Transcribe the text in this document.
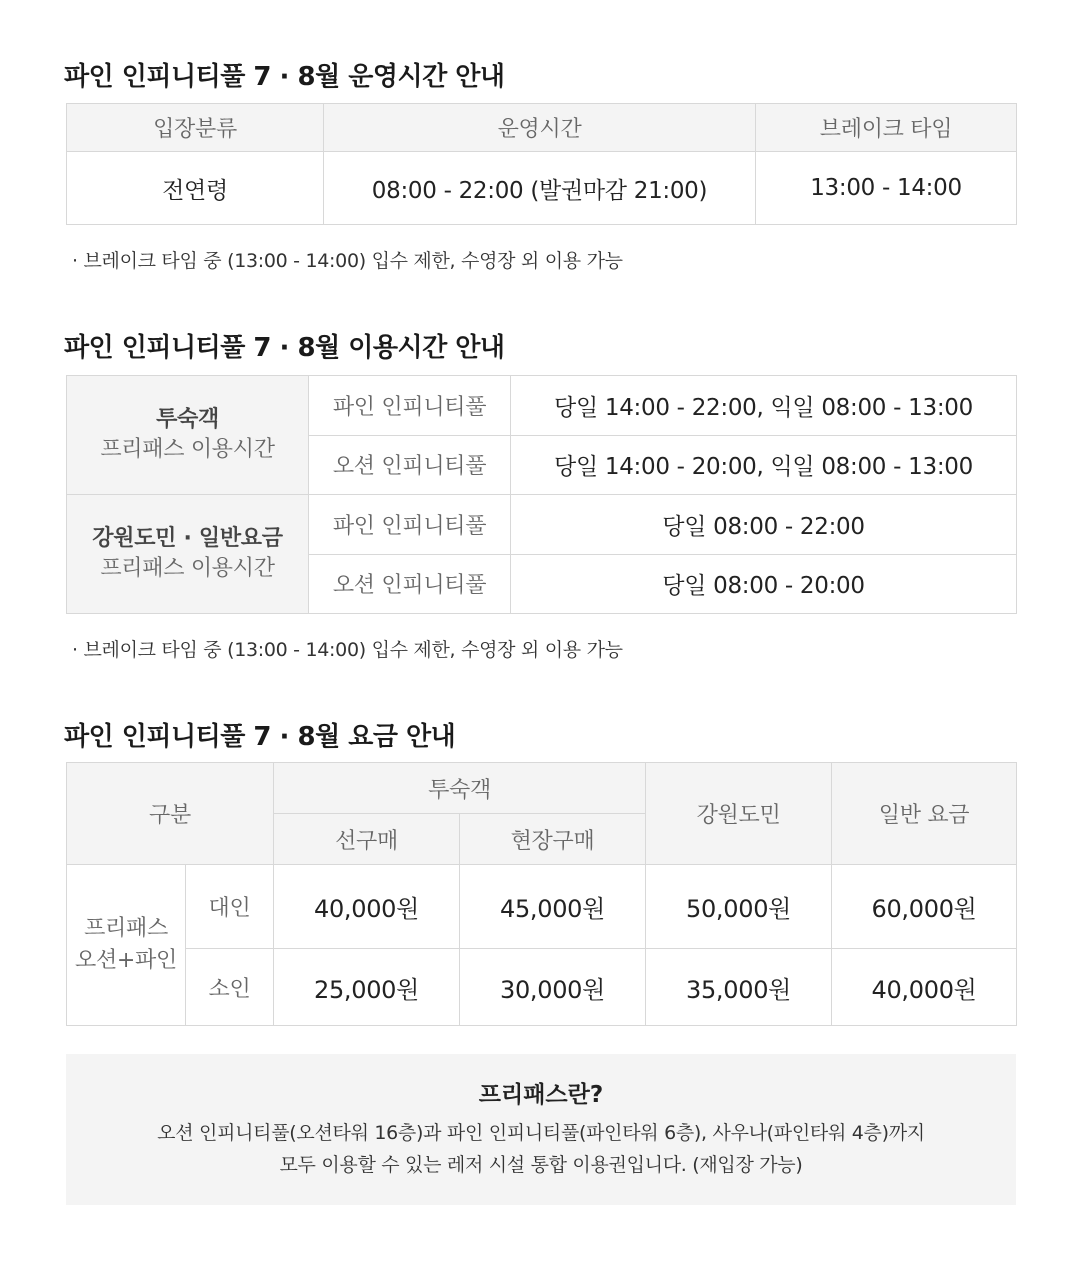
파인 인피니티풀 7 · 8월 운영시간 안내
입장분류	운영시간	브레이크 타임
전연령	08:00 - 22:00 (발권마감 21:00)	13:00 - 14:00
· 브레이크 타임 중 (13:00 - 14:00) 입수 제한, 수영장 외 이용 가능
파인 인피니티풀 7 · 8월 이용시간 안내
투숙객
프리패스 이용시간	파인 인피니티풀	당일 14:00 - 22:00, 익일 08:00 - 13:00
	오션 인피니티풀	당일 14:00 - 20:00, 익일 08:00 - 13:00

강원도민 · 일반요금
프리패스 이용시간	파인 인피니티풀	당일 08:00 - 22:00
	오션 인피니티풀	당일 08:00 - 20:00
· 브레이크 타임 중 (13:00 - 14:00) 입수 제한, 수영장 외 이용 가능
파인 인피니티풀 7 · 8월 요금 안내
구분		투숙객		강원도민	일반 요금
		선구매	현장구매		

프리패스
오션+파인	대인	40,000원	45,000원	50,000원	60,000원
	소인	25,000원	30,000원	35,000원	40,000원
프리패스란?
오션 인피니티풀(오션타워 16층)과 파인 인피니티풀(파인타워 6층), 사우나(파인타워 4층)까지
모두 이용할 수 있는 레저 시설 통합 이용권입니다. (재입장 가능)
